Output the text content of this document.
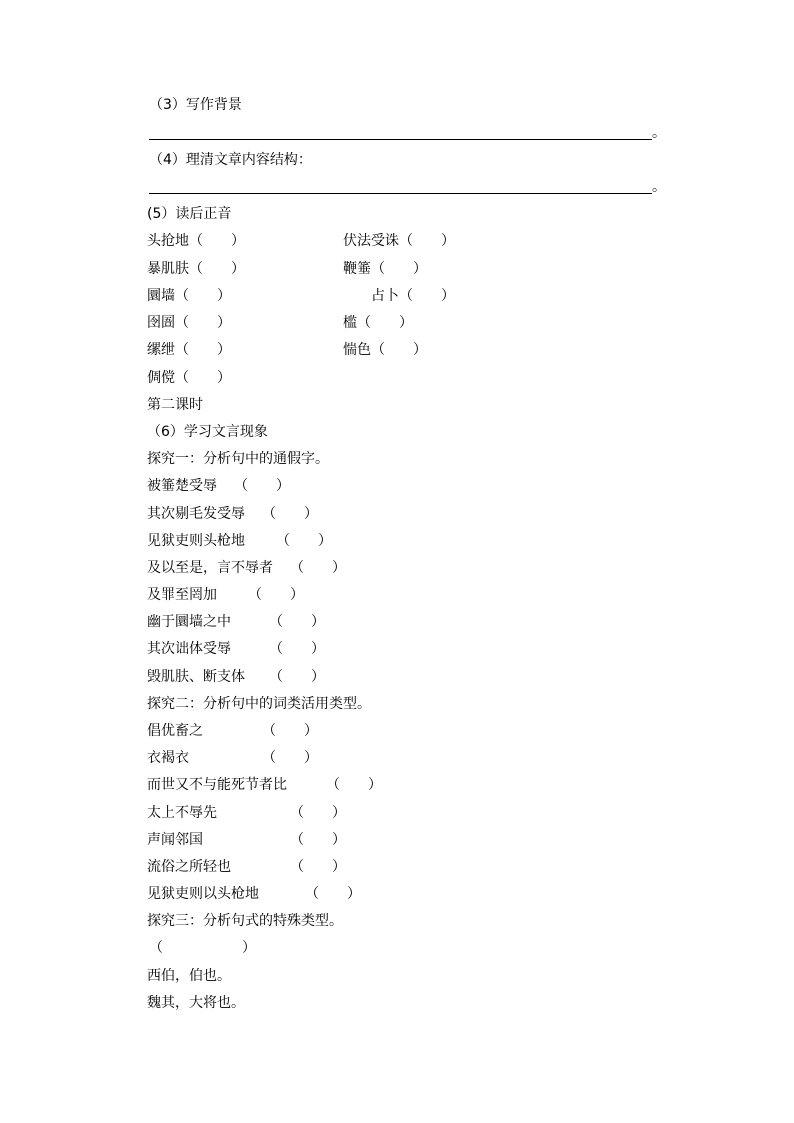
（3）写作背景
。
（4）理清文章内容结构：
。
(5）读后正音
头抢地（　　）	伏法受诛（　　）
暴肌肤（　　）	鞭箠（　　）
圜墙（　　）	占卜（　　）
囹圄（　　）	槛（　　）
缧绁（　　）	惴色（　　）
倜傥（　　）
第二课时
（6）学习文言现象
探究一：分析句中的通假字。
被箠楚受辱 （　　）
其次剔毛发受辱 （　　）
见狱吏则头枪地 （　　）
及以至是，言不辱者 （　　）
及罪至罔加 （　　）
幽于圜墙之中	（　　）
其次诎体受辱	（　　）
毁肌肤、断支体 （　　）
探究二：分析句中的词类活用类型。
倡优畜之	（　　）
衣褐衣	（　　）
而世又不与能死节者比	（　　）
太上不辱先	（　　）
声闻邻国	（　　）
流俗之所轻也	（　　）
见狱吏则以头枪地	（　　）
探究三：分析句式的特殊类型。
（	）
西伯，伯也。
魏其，大将也。
